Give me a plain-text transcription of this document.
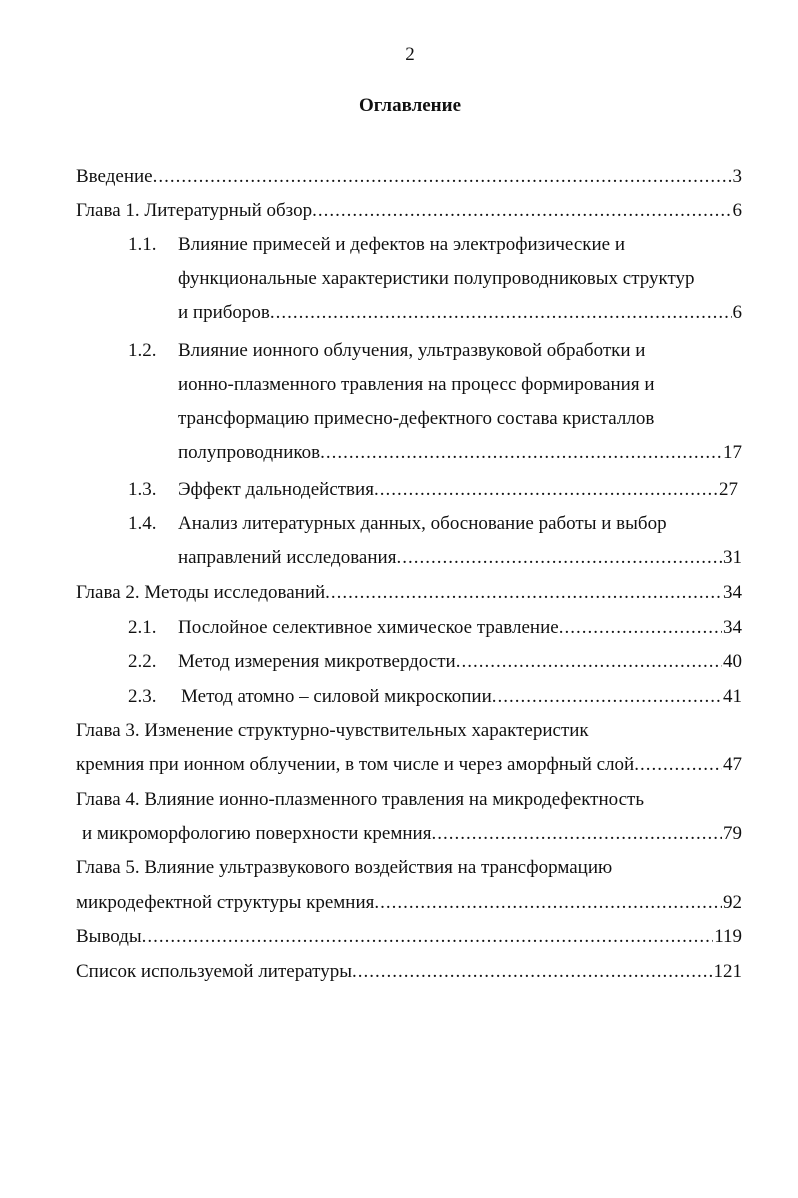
2
Оглавление
Введение .....	3
Глава 1. Литературный обзор .....	6
1.1. Влияние примесей и дефектов на электрофизические и
функциональные характеристики полупроводниковых структур
и приборов .....	6
1.2. Влияние ионного облучения, ультразвуковой обработки и
ионно-плазменного травления на процесс формирования и
трансформацию примесно-дефектного состава кристаллов
полупроводников .....	17
1.3. Эффект дальнодействия .....	27
1.4. Анализ литературных данных, обоснование работы и выбор
направлений исследования .....	31
Глава 2. Методы исследований .....	34
2.1. Послойное селективное химическое травление .....	34
2.2. Метод измерения микротвердости .....	40
2.3. Метод атомно – силовой микроскопии .....	41
Глава 3. Изменение структурно-чувствительных характеристик
кремния при ионном облучении, в том числе и через аморфный слой .....	47
Глава 4. Влияние ионно-плазменного травления на микродефектность
и микроморфологию поверхности кремния .....	79
Глава 5. Влияние ультразвукового воздействия на трансформацию
микродефектной структуры кремния .....	92
Выводы .....	119
Список используемой литературы .....	121
